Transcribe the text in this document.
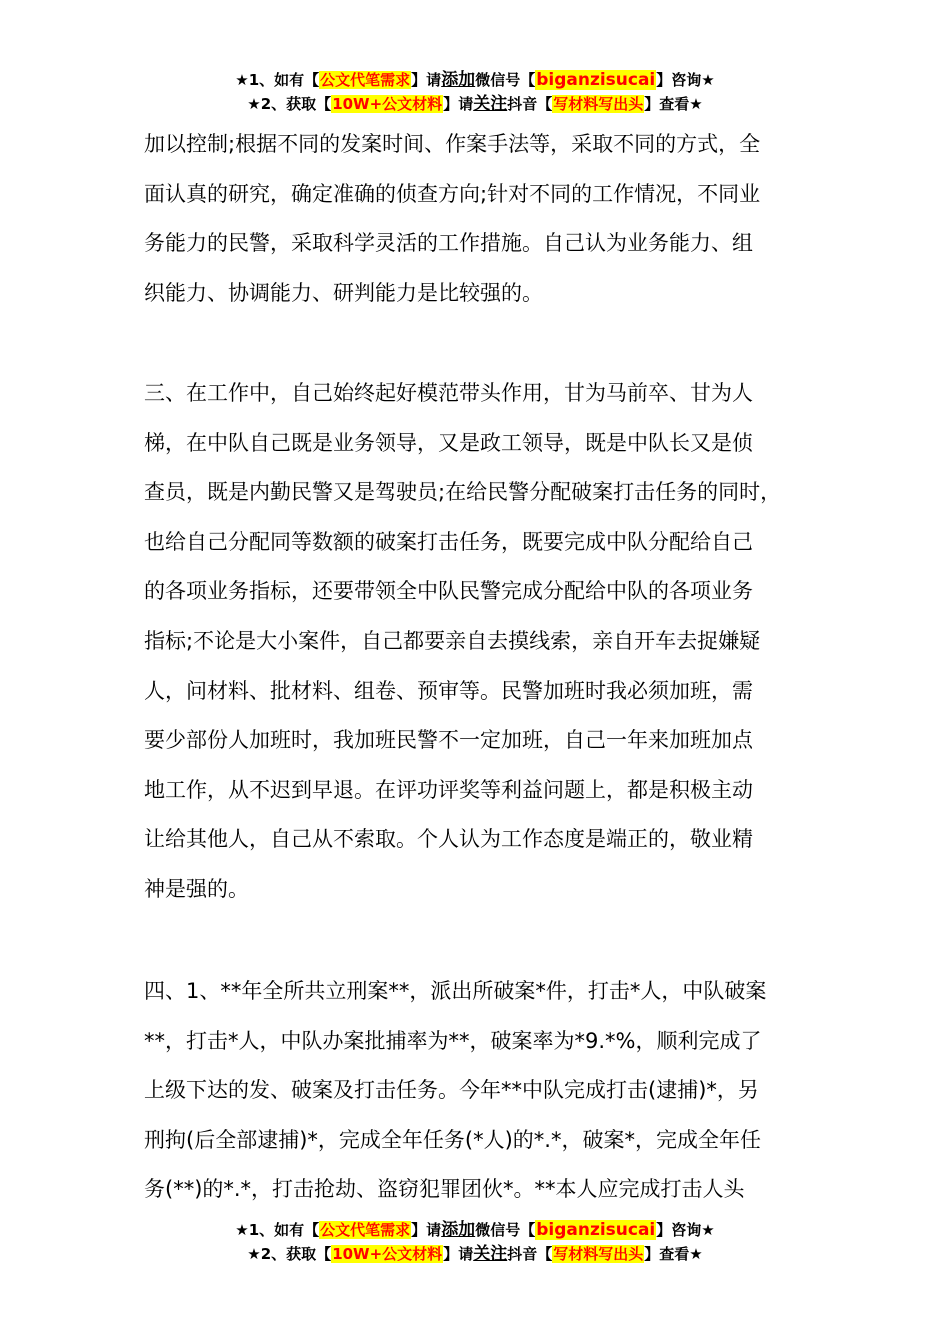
★1、如有【公文代笔需求】请添加微信号【biganzisucai】咨询★
★2、获取【10W+公文材料】请关注抖音【写材料写出头】查看★
加以控制;根据不同的发案时间、作案手法等，采取不同的方式，全
面认真的研究，确定准确的侦查方向;针对不同的工作情况，不同业
务能力的民警，采取科学灵活的工作措施。自己认为业务能力、组
织能力、协调能力、研判能力是比较强的。
三、在工作中，自己始终起好模范带头作用，甘为马前卒、甘为人
梯，在中队自己既是业务领导，又是政工领导，既是中队长又是侦
查员，既是内勤民警又是驾驶员;在给民警分配破案打击任务的同时，
也给自己分配同等数额的破案打击任务，既要完成中队分配给自己
的各项业务指标，还要带领全中队民警完成分配给中队的各项业务
指标;不论是大小案件，自己都要亲自去摸线索，亲自开车去捉嫌疑
人，问材料、批材料、组卷、预审等。民警加班时我必须加班，需
要少部份人加班时，我加班民警不一定加班，自己一年来加班加点
地工作，从不迟到早退。在评功评奖等利益问题上，都是积极主动
让给其他人，自己从不索取。个人认为工作态度是端正的，敬业精
神是强的。
四、1、**年全所共立刑案**，派出所破案*件，打击*人，中队破案
**，打击*人，中队办案批捕率为**，破案率为*9.*%，顺利完成了
上级下达的发、破案及打击任务。今年**中队完成打击(逮捕)*，另
刑拘(后全部逮捕)*，完成全年任务(*人)的*.*，破案*，完成全年任
务(**)的*.*，打击抢劫、盗窃犯罪团伙*。**本人应完成打击人头
★1、如有【公文代笔需求】请添加微信号【biganzisucai】咨询★
★2、获取【10W+公文材料】请关注抖音【写材料写出头】查看★
